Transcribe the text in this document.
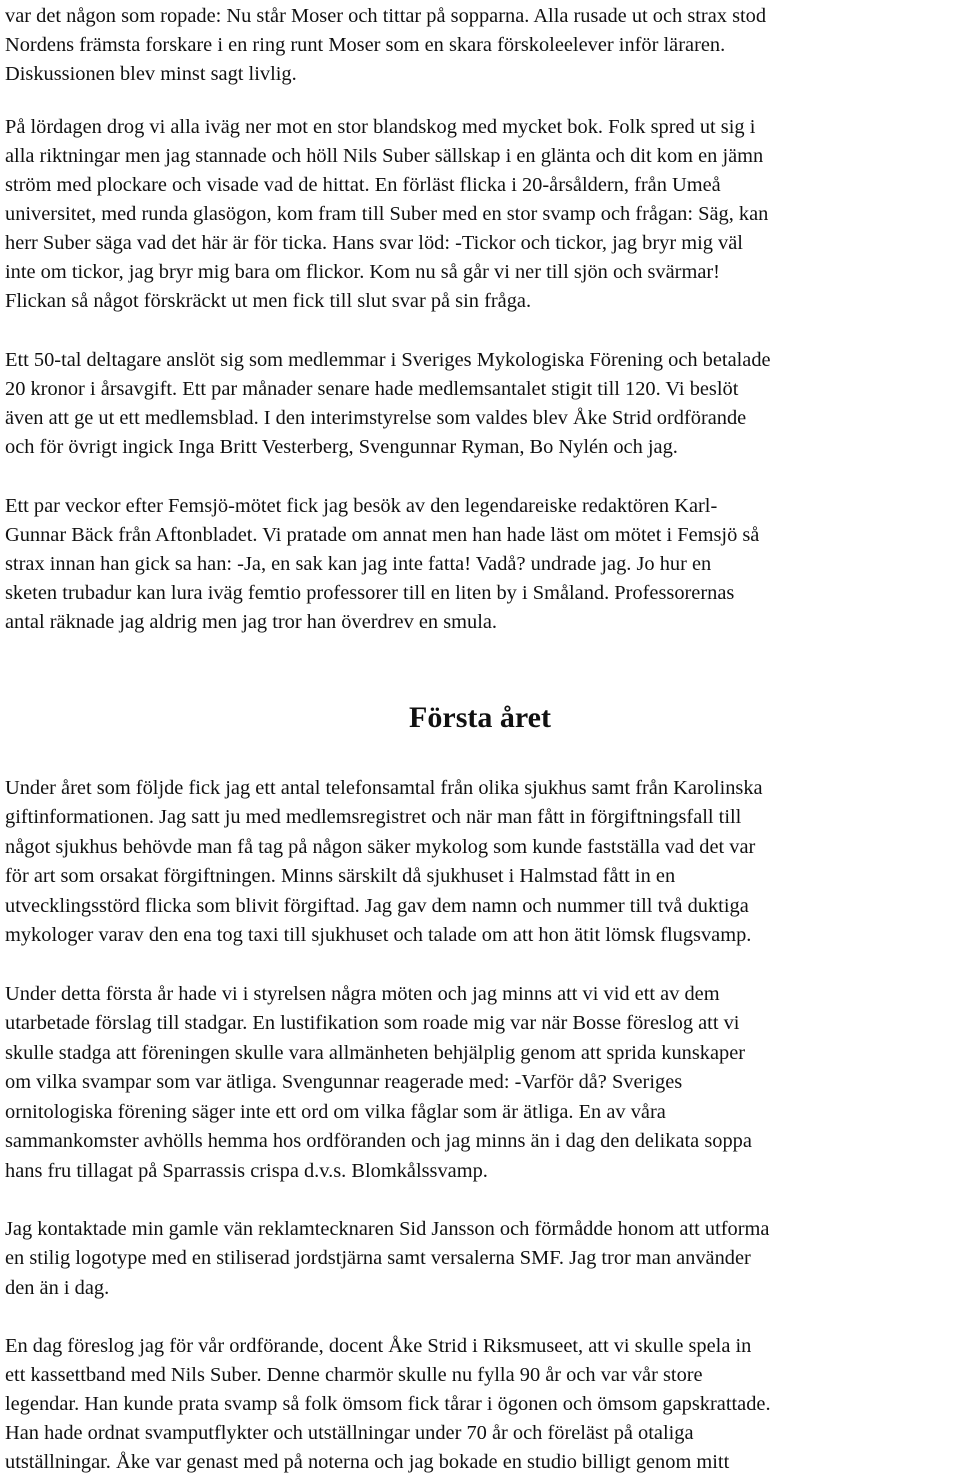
var det någon som ropade: Nu står Moser och tittar på sopparna. Alla rusade ut och strax stod
Nordens främsta forskare i en ring runt Moser som en skara förskoleelever inför läraren.
Diskussionen blev minst sagt livlig.
På lördagen drog vi alla iväg ner mot en stor blandskog med mycket bok. Folk spred ut sig i
alla riktningar men jag stannade och höll Nils Suber sällskap i en glänta och dit kom en jämn
ström med plockare och visade vad de hittat. En förläst flicka i 20-årsåldern, från Umeå
universitet, med runda glasögon, kom fram till Suber med en stor svamp och frågan: Säg, kan
herr Suber säga vad det här är för ticka. Hans svar löd: -Tickor och tickor, jag bryr mig väl
inte om tickor, jag bryr mig bara om flickor. Kom nu så går vi ner till sjön och svärmar!
Flickan så något förskräckt ut men fick till slut svar på sin fråga.
Ett 50-tal deltagare anslöt sig som medlemmar i Sveriges Mykologiska Förening och betalade
20 kronor i årsavgift. Ett par månader senare hade medlemsantalet stigit till 120. Vi beslöt
även att ge ut ett medlemsblad. I den interimstyrelse som valdes blev Åke Strid ordförande
och för övrigt ingick Inga Britt Vesterberg, Svengunnar Ryman, Bo Nylén och jag.
Ett par veckor efter Femsjö-mötet fick jag besök av den legendareiske redaktören Karl-
Gunnar Bäck från Aftonbladet. Vi pratade om annat men han hade läst om mötet i Femsjö så
strax innan han gick sa han: -Ja, en sak kan jag inte fatta! Vadå? undrade jag. Jo hur en
sketen trubadur kan lura iväg femtio professorer till en liten by i Småland. Professorernas
antal räknade jag aldrig men jag tror han överdrev en smula.
Första året
Under året som följde fick jag ett antal telefonsamtal från olika sjukhus samt från Karolinska
giftinformationen. Jag satt ju med medlemsregistret och när man fått in förgiftningsfall till
något sjukhus behövde man få tag på någon säker mykolog som kunde fastställa vad det var
för art som orsakat förgiftningen. Minns särskilt då sjukhuset i Halmstad fått in en
utvecklingsstörd flicka som blivit förgiftad. Jag gav dem namn och nummer till två duktiga
mykologer varav den ena tog taxi till sjukhuset och talade om att hon ätit lömsk flugsvamp.
Under detta första år hade vi i styrelsen några möten och jag minns att vi vid ett av dem
utarbetade förslag till stadgar. En lustifikation som roade mig var när Bosse föreslog att vi
skulle stadga att föreningen skulle vara allmänheten behjälplig genom att sprida kunskaper
om vilka svampar som var ätliga. Svengunnar reagerade med: -Varför då? Sveriges
ornitologiska förening säger inte ett ord om vilka fåglar som är ätliga. En av våra
sammankomster avhölls hemma hos ordföranden och jag minns än i dag den delikata soppa
hans fru tillagat på Sparrassis crispa d.v.s. Blomkålssvamp.
Jag kontaktade min gamle vän reklamtecknaren Sid Jansson och förmådde honom att utforma
en stilig logotype med en stiliserad jordstjärna samt versalerna SMF. Jag tror man använder
den än i dag.
En dag föreslog jag för vår ordförande, docent Åke Strid i Riksmuseet, att vi skulle spela in
ett kassettband med Nils Suber. Denne charmör skulle nu fylla 90 år och var vår store
legendar. Han kunde prata svamp så folk ömsom fick tårar i ögonen och ömsom gapskrattade.
Han hade ordnat svamputflykter och utställningar under 70 år och föreläst på otaliga
utställningar. Åke var genast med på noterna och jag bokade en studio billigt genom mitt
